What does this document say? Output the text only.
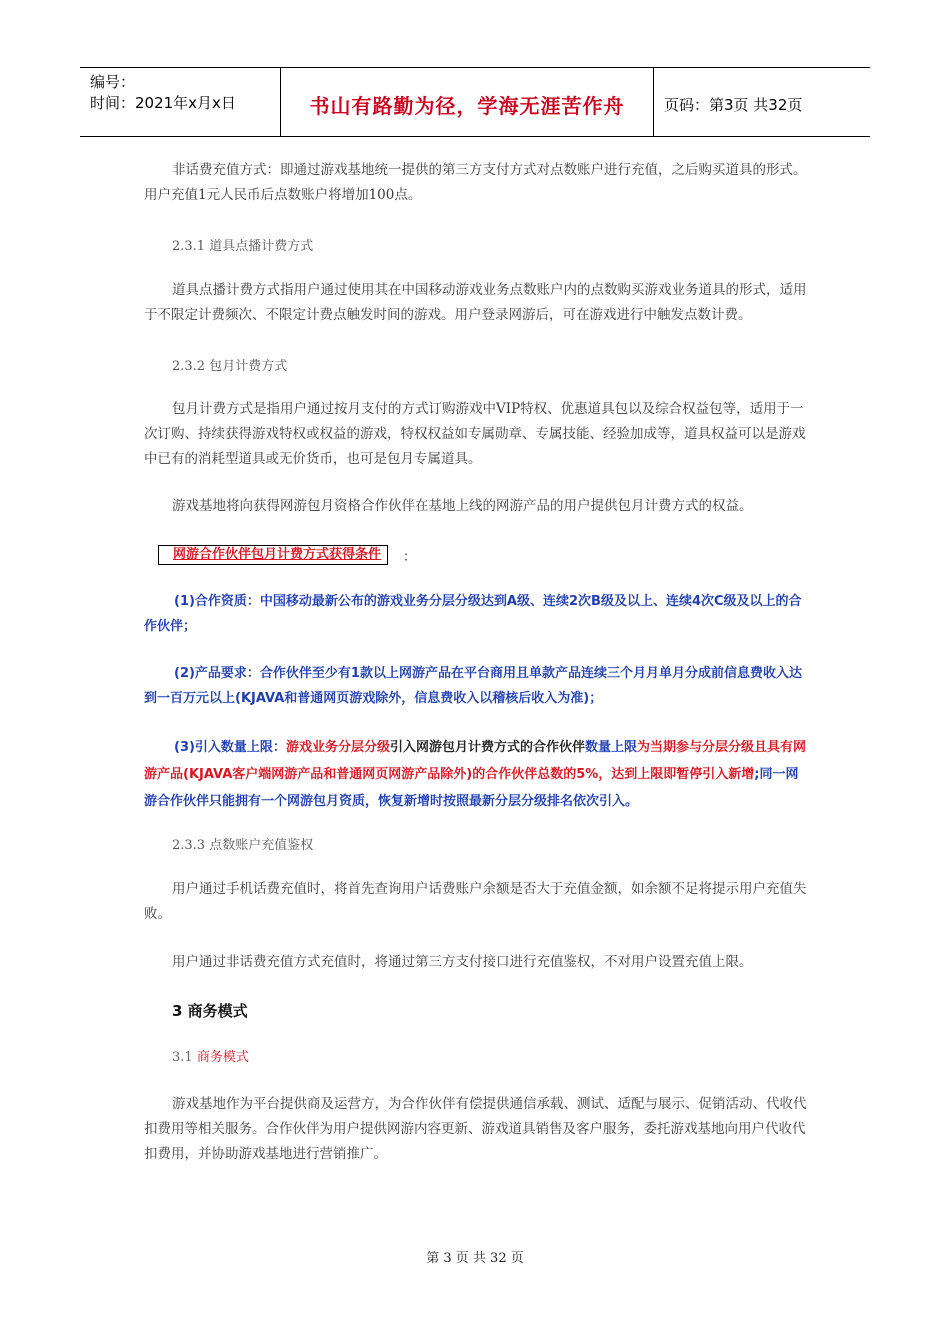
编号：
时间：2021年x月x日	书山有路勤为径，学海无涯苦作舟	页码：第3页 共32页

非话费充值方式：即通过游戏基地统一提供的第三方支付方式对点数账户进行充值，之后购买道具的形式。用户充值1元人民币后点数账户将增加100点。

2.3.1 道具点播计费方式

道具点播计费方式指用户通过使用其在中国移动游戏业务点数账户内的点数购买游戏业务道具的形式，适用于不限定计费频次、不限定计费点触发时间的游戏。用户登录网游后，可在游戏进行中触发点数计费。

2.3.2 包月计费方式

包月计费方式是指用户通过按月支付的方式订购游戏中VIP特权、优惠道具包以及综合权益包等，适用于一次订购、持续获得游戏特权或权益的游戏，特权权益如专属勋章、专属技能、经验加成等，道具权益可以是游戏中已有的消耗型道具或无价货币，也可是包月专属道具。

游戏基地将向获得网游包月资格合作伙伴在基地上线的网游产品的用户提供包月计费方式的权益。

网游合作伙伴包月计费方式获得条件	：

(1)合作资质：中国移动最新公布的游戏业务分层分级达到A级、连续2次B级及以上、连续4次C级及以上的合作伙伴；

(2)产品要求：合作伙伴至少有1款以上网游产品在平台商用且单款产品连续三个月月单月分成前信息费收入达到一百万元以上(KJAVA和普通网页游戏除外，信息费收入以稽核后收入为准)；

(3)引入数量上限：游戏业务分层分级引入网游包月计费方式的合作伙伴数量上限为当期参与分层分级且具有网游产品(KJAVA客户端网游产品和普通网页网游产品除外)的合作伙伴总数的5%，达到上限即暂停引入新增;同一网游合作伙伴只能拥有一个网游包月资质，恢复新增时按照最新分层分级排名依次引入。

2.3.3 点数账户充值鉴权

用户通过手机话费充值时，将首先查询用户话费账户余额是否大于充值金额，如余额不足将提示用户充值失败。

用户通过非话费充值方式充值时，将通过第三方支付接口进行充值鉴权，不对用户设置充值上限。

3 商务模式

3.1 商务模式

游戏基地作为平台提供商及运营方，为合作伙伴有偿提供通信承载、测试、适配与展示、促销活动、代收代扣费用等相关服务。合作伙伴为用户提供网游内容更新、游戏道具销售及客户服务，委托游戏基地向用户代收代扣费用，并协助游戏基地进行营销推广。

第 3 页 共 32 页
